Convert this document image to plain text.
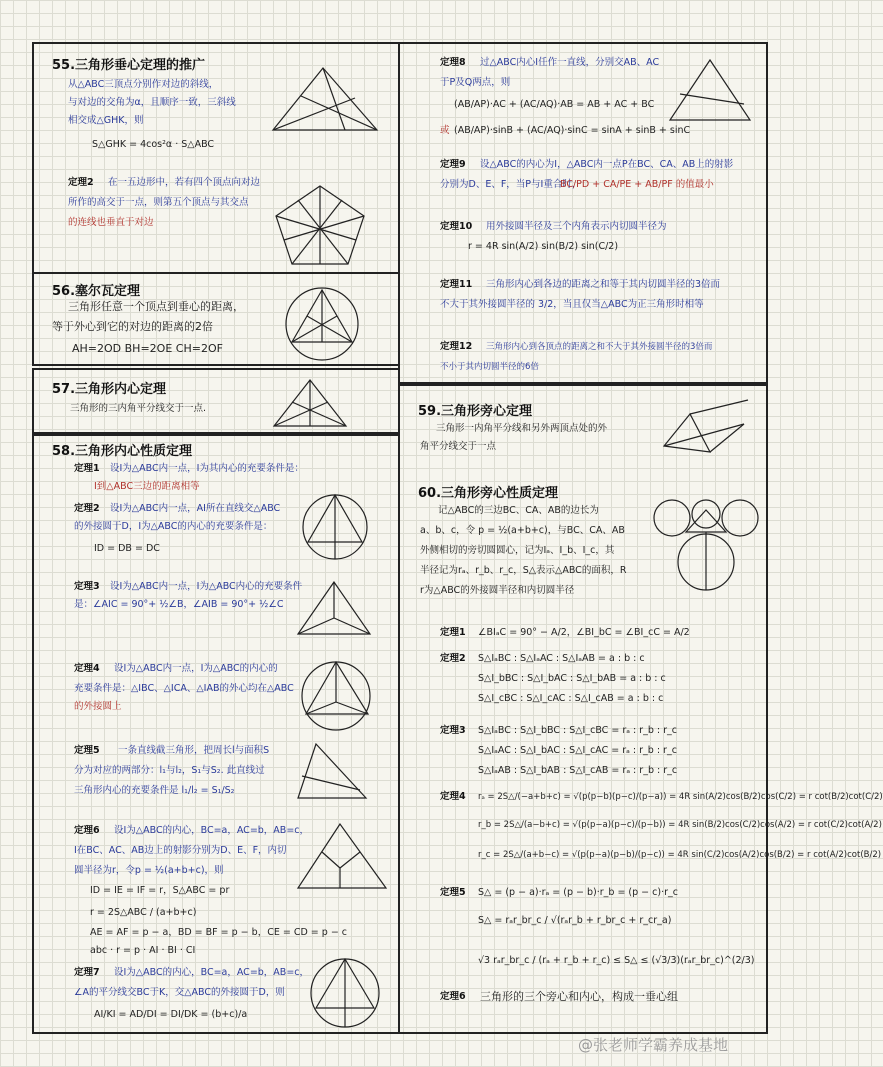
55.三角形垂心定理的推广
从△ABC三顶点分别作对边的斜线，
与对边的交角为α，且顺序一致，三斜线
相交成△GHK，则
S△GHK = 4cos²α · S△ABC
定理2 在一五边形中，若有四个顶点向对边
所作的高交于一点，则第五个顶点与其交点
的连线也垂直于对边
56.塞尔瓦定理
三角形任意一个顶点到垂心的距离，
等于外心到它的对边的距离的2倍
AH=2OD BH=2OE CH=2OF
57.三角形内心定理
三角形的三内角平分线交于一点.
58.三角形内心性质定理
定理1 设I为△ABC内一点，I为其内心的充要条件是：
I到△ABC三边的距离相等
定理2 设I为△ABC内一点，AI所在直线交△ABC
的外接圆于D，I为△ABC的内心的充要条件是：
ID = DB = DC
定理3 设I为△ABC内一点，I为△ABC内心的充要条件
是：∠AIC = 90°+ ½∠B，∠AIB = 90°+ ½∠C
定理4 设I为△ABC内一点，I为△ABC的内心的
充要条件是：△IBC、△ICA、△IAB的外心均在△ABC
的外接圆上
定理5 一条直线截三角形，把周长l与面积S
分为对应的两部分：l₁与l₂，S₁与S₂. 此直线过
三角形内心的充要条件是 l₁/l₂ = S₁/S₂
定理6 设I为△ABC的内心，BC=a，AC=b，AB=c，
I在BC、AC、AB边上的射影分别为D、E、F，内切
圆半径为r，令p = ½(a+b+c)，则
ID = IE = IF = r，S△ABC = pr
r = 2S△ABC / (a+b+c)
AE = AF = p − a，BD = BF = p − b，CE = CD = p − c
abc · r = p · AI · BI · CI
定理7 设I为△ABC的内心，BC=a，AC=b，AB=c，
∠A的平分线交BC于K，交△ABC的外接圆于D，则
AI/KI = AD/DI = DI/DK = (b+c)/a
定理8 过△ABC内心I任作一直线，分别交AB、AC
于P及Q两点，则
(AB/AP)·AC + (AC/AQ)·AB = AB + AC + BC
或 (AB/AP)·sinB + (AC/AQ)·sinC = sinA + sinB + sinC
定理9 设△ABC的内心为I，△ABC内一点P在BC、CA、AB上的射影
分别为D、E、F，当P与I重合时，
BC/PD + CA/PE + AB/PF 的值最小
定理10 用外接圆半径及三个内角表示内切圆半径为
r = 4R sin(A/2) sin(B/2) sin(C/2)
定理11 三角形内心到各边的距离之和等于其内切圆半径的3倍而
不大于其外接圆半径的 3/2，当且仅当△ABC为正三角形时相等
定理12 三角形内心到各顶点的距离之和不大于其外接圆半径的3倍而
不小于其内切圆半径的6倍
59.三角形旁心定理
三角形一内角平分线和另外两顶点处的外
角平分线交于一点
60.三角形旁心性质定理
记△ABC的三边BC、CA、AB的边长为
a、b、c，令 p = ½(a+b+c)，与BC、CA、AB
外侧相切的旁切圆圆心，记为Iₐ、I_b、I_c，其
半径记为rₐ、r_b、r_c，S△表示△ABC的面积，R
r为△ABC的外接圆半径和内切圆半径
定理1 ∠BIₐC = 90° − A/2，∠BI_bC = ∠BI_cC = A/2
定理2 S△IₐBC : S△IₐAC : S△IₐAB = a : b : c
S△I_bBC : S△I_bAC : S△I_bAB = a : b : c
S△I_cBC : S△I_cAC : S△I_cAB = a : b : c
定理3 S△IₐBC : S△I_bBC : S△I_cBC = rₐ : r_b : r_c
S△IₐAC : S△I_bAC : S△I_cAC = rₐ : r_b : r_c
S△IₐAB : S△I_bAB : S△I_cAB = rₐ : r_b : r_c
定理4 rₐ = 2S△/(−a+b+c) = √(p(p−b)(p−c)/(p−a)) = 4R sin(A/2)cos(B/2)cos(C/2) = r cot(B/2)cot(C/2)
r_b = 2S△/(a−b+c) = √(p(p−a)(p−c)/(p−b)) = 4R sin(B/2)cos(C/2)cos(A/2) = r cot(C/2)cot(A/2)
r_c = 2S△/(a+b−c) = √(p(p−a)(p−b)/(p−c)) = 4R sin(C/2)cos(A/2)cos(B/2) = r cot(A/2)cot(B/2)
定理5 S△ = (p − a)·rₐ = (p − b)·r_b = (p − c)·r_c
S△ = rₐr_br_c / √(rₐr_b + r_br_c + r_cr_a)
√3 rₐr_br_c / (rₐ + r_b + r_c) ≤ S△ ≤ (√3/3)(rₐr_br_c)^(2/3)
定理6 三角形的三个旁心和内心，构成一垂心组
@张老师学霸养成基地
